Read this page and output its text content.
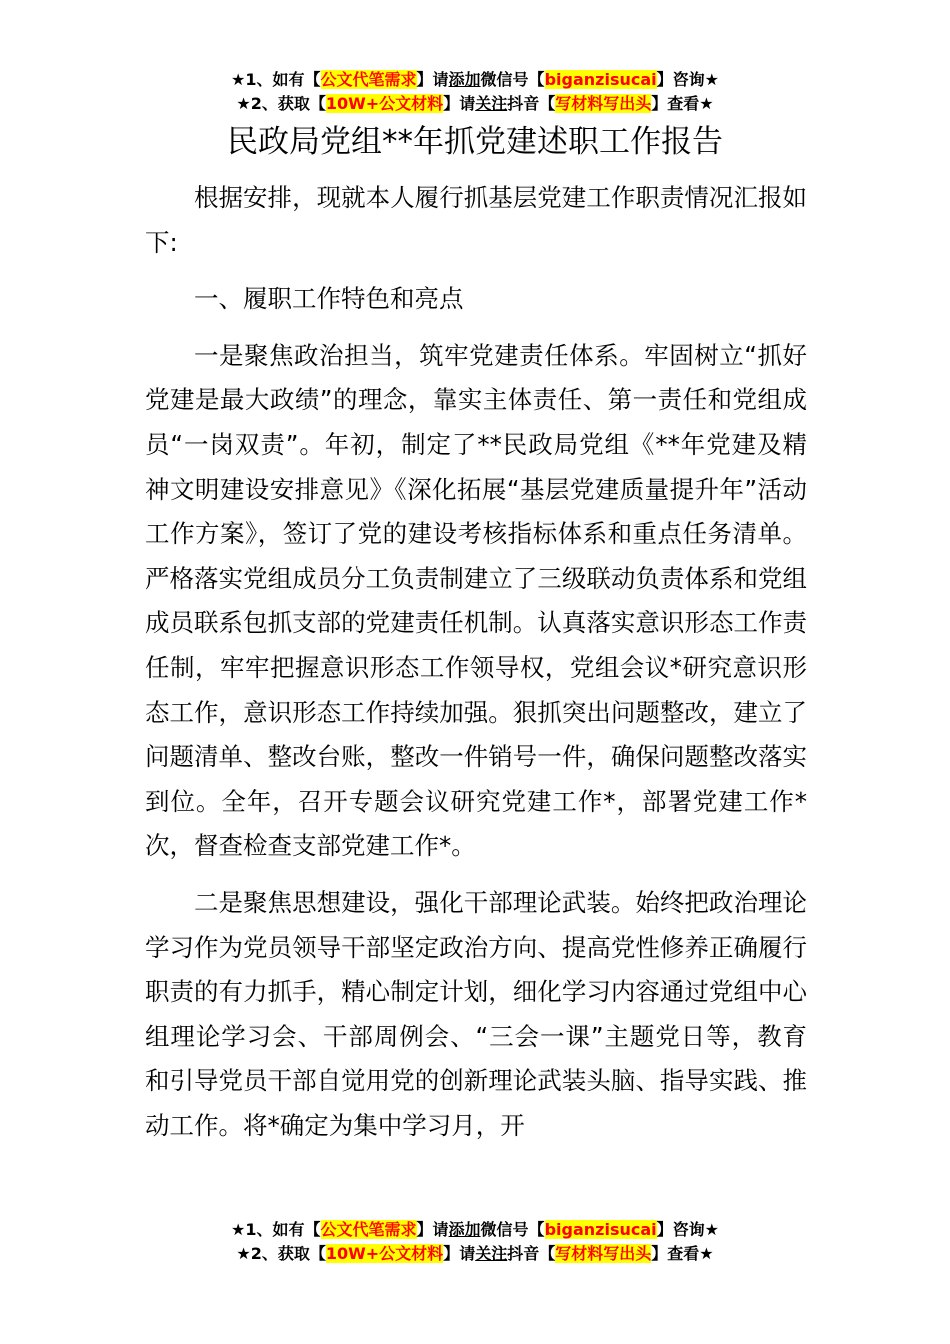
★1、如有【公文代笔需求】请添加微信号【biganzisucai】咨询★
★2、获取【10W+公文材料】请关注抖音【写材料写出头】查看★
民政局党组**年抓党建述职工作报告

根据安排，现就本人履行抓基层党建工作职责情况汇报如下:

一、履职工作特色和亮点

一是聚焦政治担当，筑牢党建责任体系。牢固树立“抓好党建是最大政绩”的理念，靠实主体责任、第一责任和党组成员“一岗双责”。年初，制定了**民政局党组《**年党建及精神文明建设安排意见》《深化拓展“基层党建质量提升年”活动工作方案》，签订了党的建设考核指标体系和重点任务清单。严格落实党组成员分工负责制建立了三级联动负责体系和党组成员联系包抓支部的党建责任机制。认真落实意识形态工作责任制，牢牢把握意识形态工作领导权，党组会议*研究意识形态工作，意识形态工作持续加强。狠抓突出问题整改，建立了问题清单、整改台账，整改一件销号一件，确保问题整改落实到位。全年，召开专题会议研究党建工作*，部署党建工作*次，督查检查支部党建工作*。

二是聚焦思想建设，强化干部理论武装。始终把政治理论学习作为党员领导干部坚定政治方向、提高党性修养正确履行职责的有力抓手，精心制定计划，细化学习内容通过党组中心组理论学习会、干部周例会、“三会一课”主题党日等，教育和引导党员干部自觉用党的创新理论武装头脑、指导实践、推动工作。将*确定为集中学习月，开

★1、如有【公文代笔需求】请添加微信号【biganzisucai】咨询★
★2、获取【10W+公文材料】请关注抖音【写材料写出头】查看★
